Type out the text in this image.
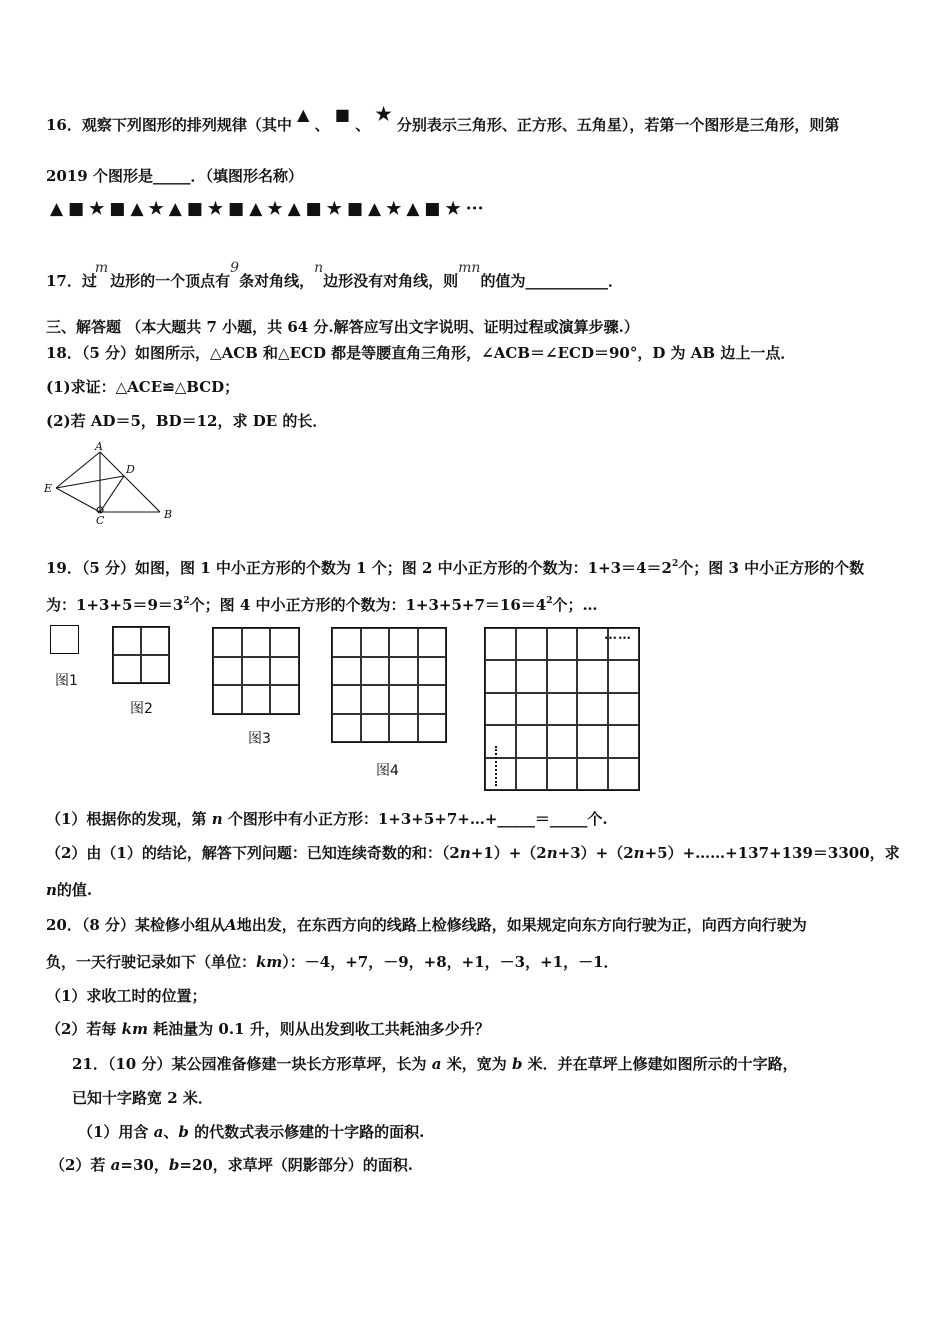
16．观察下列图形的排列规律（其中 ▲ 、 ■ 、 ★ 分别表示三角形、正方形、五角星），若第一个图形是三角形，则第
2019 个图形是_____．（填图形名称）
▲ ■ ★ ■ ▲ ★ ▲ ■ ★ ■ ▲ ★ ▲ ■ ★ ■ ▲ ★ ▲ ■ ★ ···
17．过m边形的一个顶点有9条对角线，n边形没有对角线，则mn的值为___________．
三、解答题 （本大题共 7 小题，共 64 分.解答应写出文字说明、证明过程或演算步骤.）
18．（5 分）如图所示，△ACB 和△ECD 都是等腰直角三角形，∠ACB＝∠ECD＝90°，D 为 AB 边上一点．
(1)求证：△ACE≌△BCD；
(2)若 AD＝5，BD＝12，求 DE 的长．
A
D
E
C	B
19．（5 分）如图，图 1 中小正方形的个数为 1 个；图 2 中小正方形的个数为：$1+3=4=2^2$个；图 3 中小正方形的个数
为：$1+3+5=9=3^2$个；图 4 中小正方形的个数为：$1+3+5+7=16=4^2$个；…
图1
图2
图3
图4
……
（1）根据你的发现，第 n 个图形中有小正方形：1+3+5+7+…+_____＝_____个.
（2）由（1）的结论，解答下列问题：已知连续奇数的和：（2n+1）+（2n+3）+（2n+5）+……+137+139＝3300，求
n的值.
20．（8 分）某检修小组从A地出发，在东西方向的线路上检修线路，如果规定向东方向行驶为正，向西方向行驶为
负，一天行驶记录如下（单位：km）：－4，+7，－9，+8，+1，－3，+1，－1．
（1）求收工时的位置；
（2）若每 km 耗油量为 0.1 升，则从出发到收工共耗油多少升？
21．（10 分）某公园准备修建一块长方形草坪，长为 a 米，宽为 b 米．并在草坪上修建如图所示的十字路，
已知十字路宽 2 米．
（1）用含 a、b 的代数式表示修建的十字路的面积.
（2）若 a=30，b=20，求草坪（阴影部分）的面积.
